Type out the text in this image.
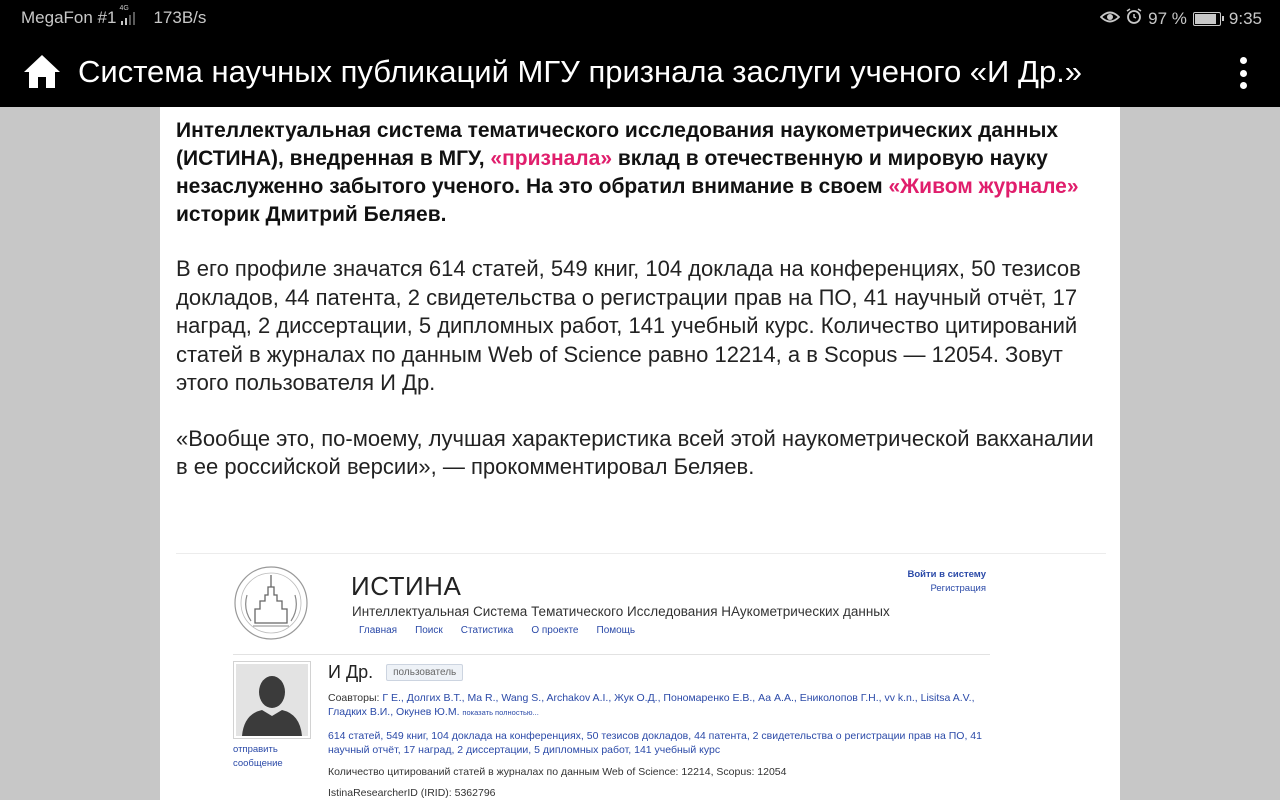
MegaFon #1 4G 173B/s	97 % 9:35
Система научных публикаций МГУ признала заслуги ученого «И Др.»

Интеллектуальная система тематического исследования наукометрических данных (ИСТИНА), внедренная в МГУ, «признала» вклад в отечественную и мировую науку незаслуженно забытого ученого. На это обратил внимание в своем «Живом журнале» историк Дмитрий Беляев.

В его профиле значатся 614 статей, 549 книг, 104 доклада на конференциях, 50 тезисов докладов, 44 патента, 2 свидетельства о регистрации прав на ПО, 41 научный отчёт, 17 наград, 2 диссертации, 5 дипломных работ, 141 учебный курс. Количество цитирований статей в журналах по данным Web of Science равно 12214, а в Scopus — 12054. Зовут этого пользователя И Др.

«Вообще это, по-моему, лучшая характеристика всей этой наукометрической вакханалии в ее российской версии», — прокомментировал Беляев.

ИСТИНА
Интеллектуальная Система Тематического Исследования НАукометрических данных
Главная Поиск Статистика О проекте Помощь
Войти в систему
Регистрация
отправить сообщение
И Др.	пользователь
Соавторы: Г Е., Долгих В.Т., Ma R., Wang S., Archakov A.I., Жук О.Д., Пономаренко Е.В., Аа А.А., Ениколопов Г.Н., vv k.n., Lisitsa A.V., Гладких В.И., Окунев Ю.М. показать полностью...
614 статей, 549 книг, 104 доклада на конференциях, 50 тезисов докладов, 44 патента, 2 свидетельства о регистрации прав на ПО, 41 научный отчёт, 17 наград, 2 диссертации, 5 дипломных работ, 141 учебный курс
Количество цитирований статей в журналах по данным Web of Science: 12214, Scopus: 12054
IstinaResearcherID (IRID): 5362796
